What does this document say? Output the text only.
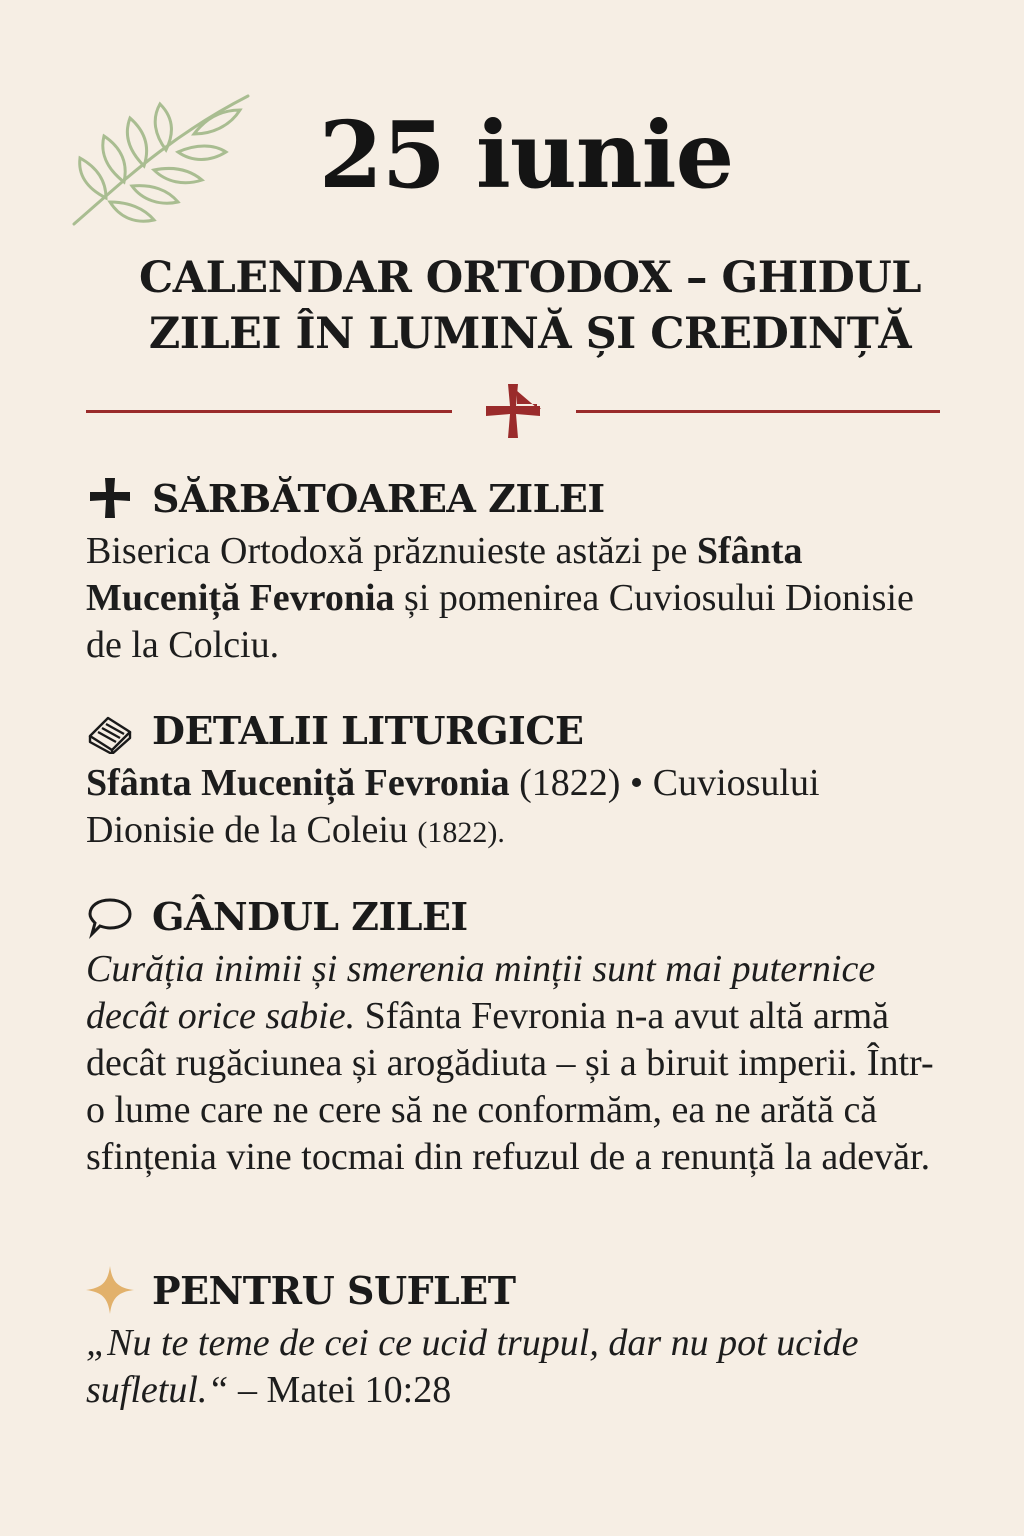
25 iunie
CALENDAR ORTODOX – GHIDUL ZILEI ÎN LUMINĂ ȘI CREDINȚĂ
SĂRBĂTOAREA ZILEI
Biserica Ortodoxă prăznuieste astăzi pe Sfânta Muceniță Fevronia și pomenirea Cuviosului Dionisie de la Colciu.
DETALII LITURGICE
Sfânta Muceniță Fevronia (1822) • Cuviosului Dionisie de la Coleiu (1822).
GÂNDUL ZILEI
Curăția inimii și smerenia minții sunt mai puternice decât orice sabie. Sfânta Fevronia n-a avut altă armă decât rugăciunea și arogădiuta – și a biruit imperii. Într-o lume care ne cere să ne conformăm, ea ne arătă că sfințenia vine tocmai din refuzul de a renunță la adevăr.
PENTRU SUFLET
„Nu te teme de cei ce ucid trupul, dar nu pot ucide sufletul.“ – Matei 10:28
